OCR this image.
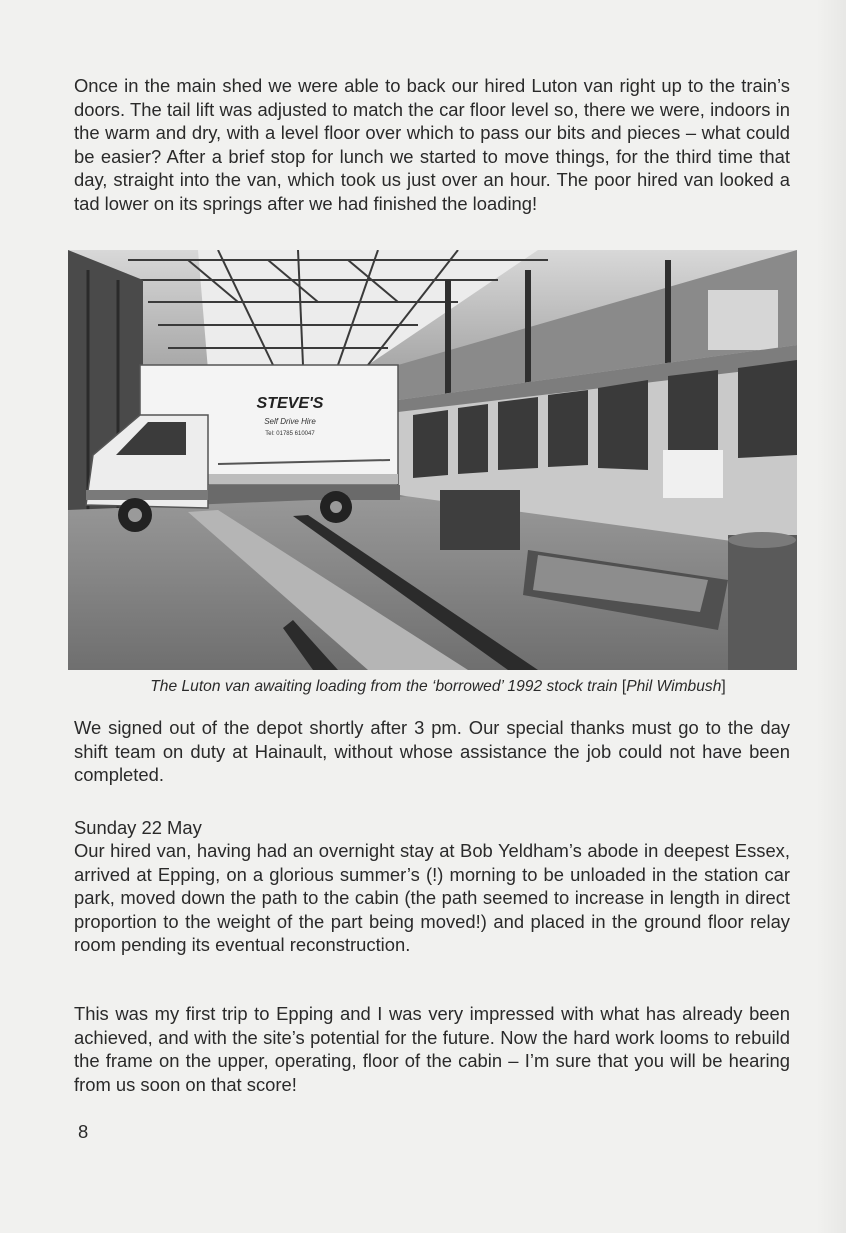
Once in the main shed we were able to back our hired Luton van right up to the train’s doors. The tail lift was adjusted to match the car floor level so, there we were, indoors in the warm and dry, with a level floor over which to pass our bits and pieces – what could be easier? After a brief stop for lunch we started to move things, for the third time that day, straight into the van, which took us just over an hour. The poor hired van looked a tad lower on its springs after we had finished the loading!

STEVE'S
Self Drive Hire
Tel: 01785 610047

The Luton van awaiting loading from the ‘borrowed’ 1992 stock train [Phil Wimbush]

We signed out of the depot shortly after 3 pm. Our special thanks must go to the day shift team on duty at Hainault, without whose assistance the job could not have been completed.

Sunday 22 May

Our hired van, having had an overnight stay at Bob Yeldham’s abode in deepest Essex, arrived at Epping, on a glorious summer’s (!) morning to be unloaded in the station car park, moved down the path to the cabin (the path seemed to increase in length in direct proportion to the weight of the part being moved!) and placed in the ground floor relay room pending its eventual reconstruction.

This was my first trip to Epping and I was very impressed with what has already been achieved, and with the site’s potential for the future. Now the hard work looms to rebuild the frame on the upper, operating, floor of the cabin – I’m sure that you will be hearing from us soon on that score!

8
